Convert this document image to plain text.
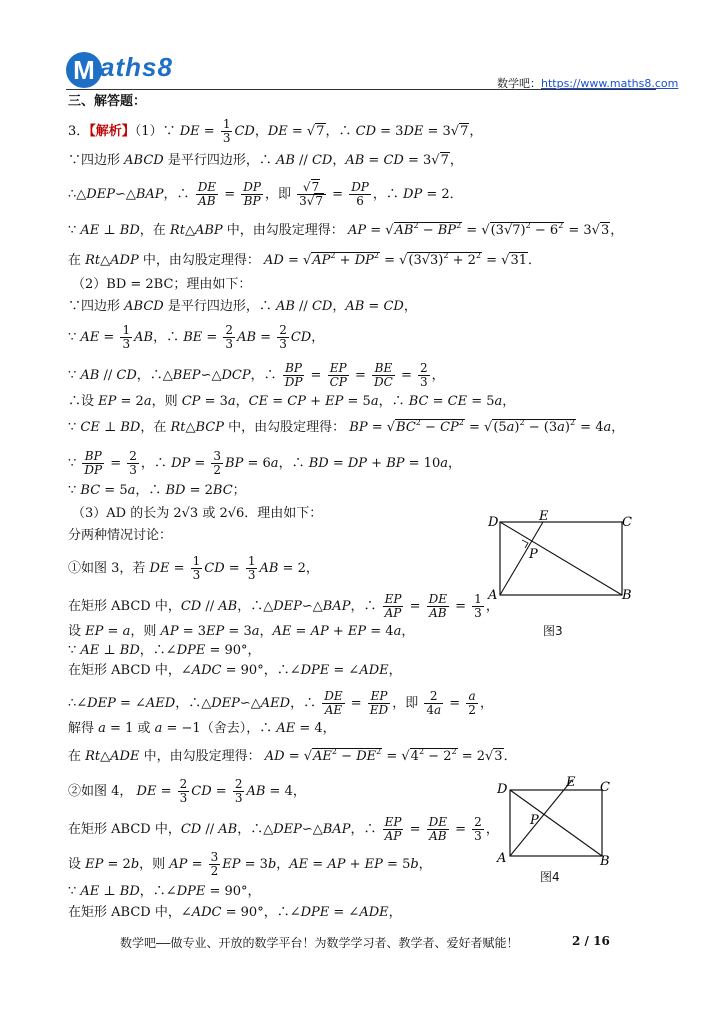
M aths8
数学吧：https://www.maths8.com
三、解答题：
3．【解析】（1）∵ DE = $\frac{1}{3}$ CD，DE = √7，∴ CD = 3DE = 3√7，
∵四边形 ABCD 是平行四边形，∴ AB // CD，AB = CD = 3√7，
∴△DEP∽△BAP，∴ $\frac{DE}{AB} = \frac{DP}{BP}$ ，即 $\frac{√7}{3√7} = \frac{DP}{6}$ ，∴ DP = 2．
∵ AE ⊥ BD，在 Rt△ABP 中，由勾股定理得： AP = $√AB^2 - BP^2 = √(3√7)^2 - 6^2 = 3√3$，
在 Rt△ADP 中，由勾股定理得： AD = $√AP^2 + DP^2 = √(3√3)^2 + 2^2 = √31$．
（2）BD = 2BC；理由如下：
∵四边形 ABCD 是平行四边形，∴ AB // CD，AB = CD，
∵ AE = $\frac{1}{3}$ AB，∴ BE = $\frac{2}{3}$ AB = $\frac{2}{3}$ CD，
∵ AB // CD，∴△BEP∽△DCP，∴ $\frac{BP}{DP} = \frac{EP}{CP} = \frac{BE}{DC} = \frac{2}{3}$ ，
∴设 EP = 2a，则 CP = 3a，CE = CP + EP = 5a，∴ BC = CE = 5a，
∵ CE ⊥ BD，在 Rt△BCP 中，由勾股定理得： BP = $√BC^2 - CP^2 = √(5a)^2 - (3a)^2 = 4a$，
∵ $\frac{BP}{DP} = \frac{2}{3}$ ，∴ DP = $\frac{3}{2}$ BP = 6a，∴ BD = DP + BP = 10a，
∵ BC = 5a，∴ BD = 2BC；
（3）AD 的长为 2√3 或 2√6．理由如下：
分两种情况讨论：
①如图 3，若 DE = $\frac{1}{3}$ CD = $\frac{1}{3}$ AB = 2，
在矩形 ABCD 中，CD // AB，∴△DEP∽△BAP，∴ $\frac{EP}{AP} = \frac{DE}{AB} = \frac{1}{3}$ ，
设 EP = a，则 AP = 3EP = 3a，AE = AP + EP = 4a，
∵ AE ⊥ BD，∴∠DPE = 90°，
在矩形 ABCD 中，∠ADC = 90°，∴∠DPE = ∠ADE，
∴∠DEP = ∠AED，∴△DEP∽△AED，∴ $\frac{DE}{AE} = \frac{EP}{ED}$ ，即 $\frac{2}{4a} = \frac{a}{2}$ ，
解得 a = 1 或 a = −1（舍去），∴ AE = 4，
在 Rt△ADE 中，由勾股定理得： AD = $√AE^2 - DE^2 = √4^2 - 2^2 = 2√3$．
②如图 4， DE = $\frac{2}{3}$ CD = $\frac{2}{3}$ AB = 4，
在矩形 ABCD 中，CD // AB，∴△DEP∽△BAP，∴ $\frac{EP}{AP} = \frac{DE}{AB} = \frac{2}{3}$ ，
设 EP = 2b，则 AP = $\frac{3}{2}$ EP = 3b，AE = AP + EP = 5b，
∵ AE ⊥ BD，∴∠DPE = 90°，
在矩形 ABCD 中，∠ADC = 90°，∴∠DPE = ∠ADE，
D	E	C
P
A	B
图3
D	E C
P
A	B
图4
数学吧——做专业、开放的数学平台！为数学学习者、教学者、爱好者赋能！	2 / 16
